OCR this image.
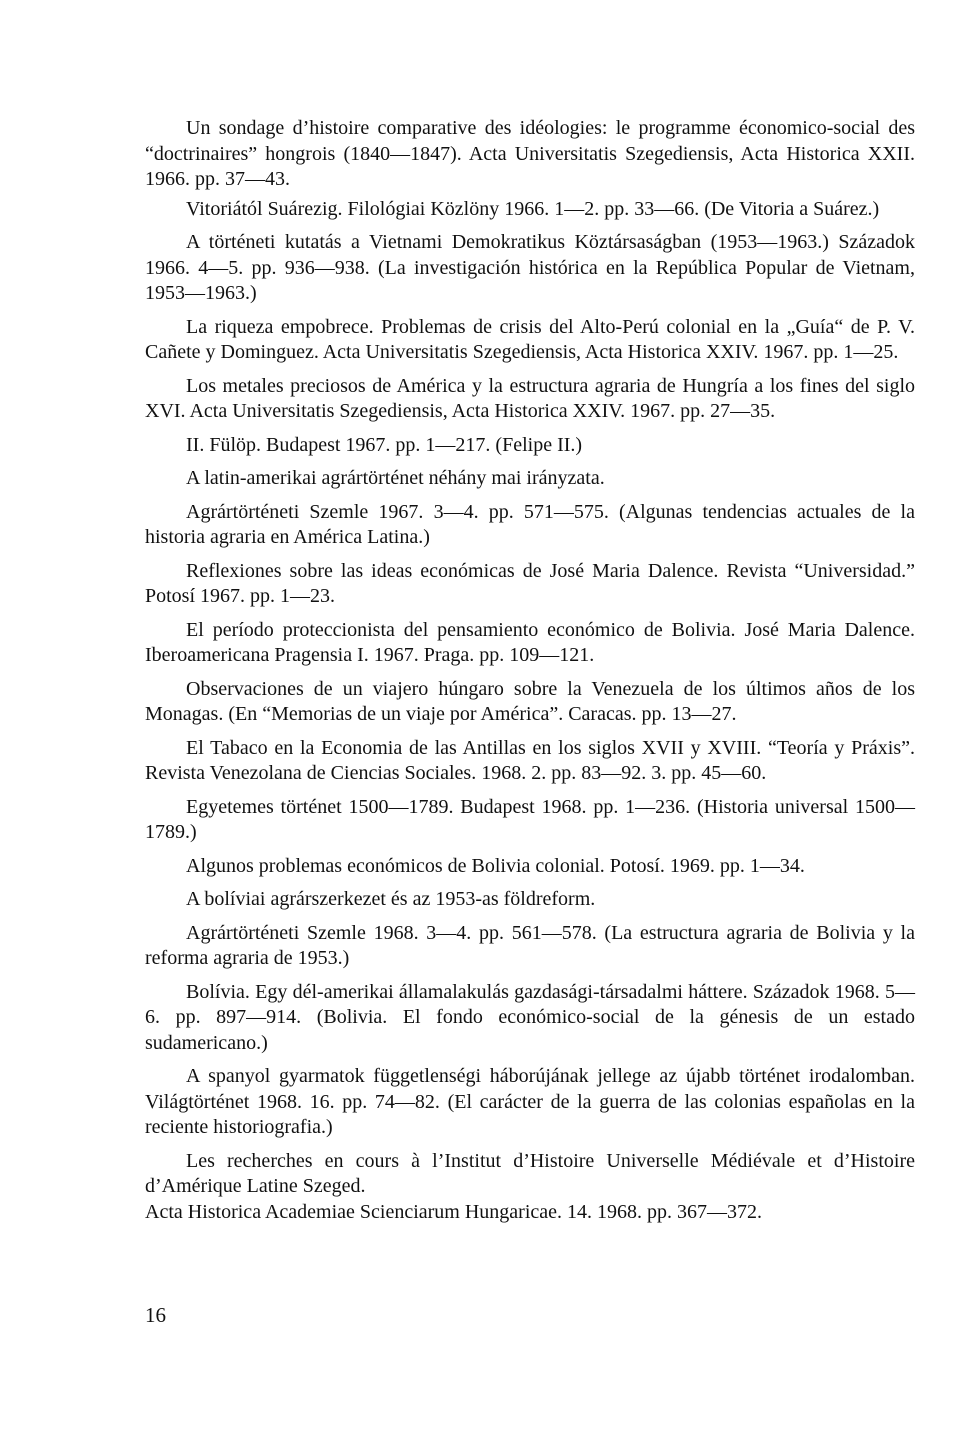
Un sondage d’histoire comparative des idéologies: le programme économico-social des “doctrinaires” hongrois (1840—1847). Acta Universitatis Szegediensis, Acta Historica XXII. 1966. pp. 37—43.

Vitoriától Suárezig. Filológiai Közlöny 1966. 1—2. pp. 33—66. (De Vitoria a Suárez.)

A történeti kutatás a Vietnami Demokratikus Köztársaságban (1953—1963.) Századok 1966. 4—5. pp. 936—938. (La investigación histórica en la República Popular de Vietnam, 1953—1963.)

La riqueza empobrece. Problemas de crisis del Alto-Perú colonial en la „Guía“ de P. V. Cañete y Dominguez. Acta Universitatis Szegediensis, Acta Historica XXIV. 1967. pp. 1—25.

Los metales preciosos de América y la estructura agraria de Hungría a los fines del siglo XVI. Acta Universitatis Szegediensis, Acta Historica XXIV. 1967. pp. 27—35.

II. Fülöp. Budapest 1967. pp. 1—217. (Felipe II.)

A latin-amerikai agrártörténet néhány mai irányzata.

Agrártörténeti Szemle 1967. 3—4. pp. 571—575. (Algunas tendencias actuales de la historia agraria en América Latina.)

Reflexiones sobre las ideas económicas de José Maria Dalence. Revista “Universidad.” Potosí 1967. pp. 1—23.

El período proteccionista del pensamiento económico de Bolivia. José Maria Dalence. Iberoamericana Pragensia I. 1967. Praga. pp. 109—121.

Observaciones de un viajero húngaro sobre la Venezuela de los últimos años de los Monagas. (En “Memorias de un viaje por América”. Caracas. pp. 13—27.

El Tabaco en la Economia de las Antillas en los siglos XVII y XVIII. “Teoría y Práxis”. Revista Venezolana de Ciencias Sociales. 1968. 2. pp. 83—92. 3. pp. 45—60.

Egyetemes történet 1500—1789. Budapest 1968. pp. 1—236. (Historia universal 1500—1789.)

Algunos problemas económicos de Bolivia colonial. Potosí. 1969. pp. 1—34.

A bolíviai agrárszerkezet és az 1953-as földreform.

Agrártörténeti Szemle 1968. 3—4. pp. 561—578. (La estructura agraria de Bolivia y la reforma agraria de 1953.)

Bolívia. Egy dél-amerikai államalakulás gazdasági-társadalmi háttere. Századok 1968. 5—6. pp. 897—914. (Bolivia. El fondo económico-social de la génesis de un estado sudamericano.)

A spanyol gyarmatok függetlenségi háborújának jellege az újabb történet irodalomban. Világtörténet 1968. 16. pp. 74—82. (El carácter de la guerra de las colonias españolas en la reciente historiografia.)

Les recherches en cours à l’Institut d’Histoire Universelle Médiévale et d’Histoire d’Amérique Latine Szeged.

Acta Historica Academiae Scienciarum Hungaricae. 14. 1968. pp. 367—372.

16
